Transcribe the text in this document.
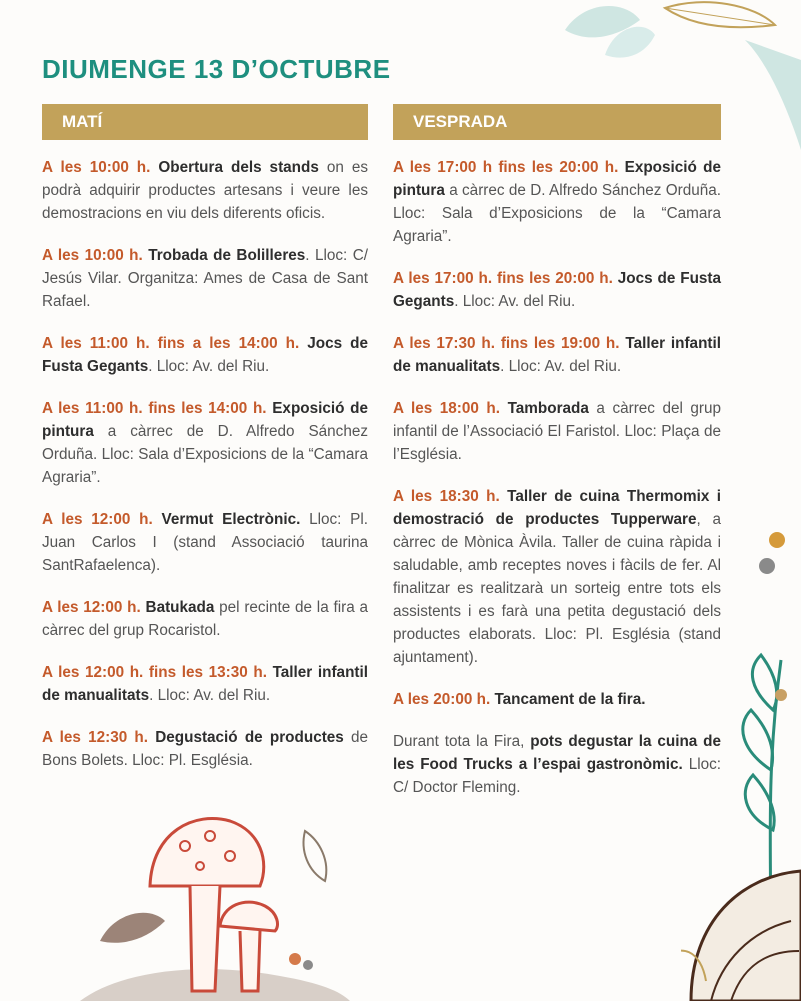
DIUMENGE 13 D’OCTUBRE
MATÍ
A les 10:00 h. Obertura dels stands on es podrà adquirir productes artesans i veure les demostracions en viu dels diferents oficis.
A les 10:00 h. Trobada de Bolilleres. Lloc: C/ Jesús Vilar. Organitza: Ames de Casa de Sant Rafael.
A les 11:00 h. fins a les 14:00 h. Jocs de Fusta Gegants. Lloc: Av. del Riu.
A les 11:00 h. fins les 14:00 h. Exposició de pintura a càrrec de D. Alfredo Sánchez Orduña. Lloc: Sala d’Exposicions de la “Camara Agraria”.
A les 12:00 h. Vermut Electrònic. Lloc: Pl. Juan Carlos I (stand Associació taurina SantRafaelenca).
A les 12:00 h. Batukada pel recinte de la fira a càrrec del grup Rocaristol.
A les 12:00 h. fins les 13:30 h. Taller infantil de manualitats. Lloc: Av. del Riu.
A les 12:30 h. Degustació de productes de Bons Bolets. Lloc: Pl. Església.
VESPRADA
A les 17:00 h fins les 20:00 h. Exposició de pintura a càrrec de D. Alfredo Sánchez Orduña. Lloc: Sala d’Exposicions de la “Camara Agraria”.
A les 17:00 h. fins les 20:00 h. Jocs de Fusta Gegants. Lloc: Av. del Riu.
A les 17:30 h. fins les 19:00 h. Taller infantil de manualitats. Lloc: Av. del Riu.
A les 18:00 h. Tamborada a càrrec del grup infantil de l’Associació El Faristol. Lloc: Plaça de l’Església.
A les 18:30 h. Taller de cuina Thermomix i demostració de productes Tupperware, a càrrec de Mònica Àvila. Taller de cuina ràpida i saludable, amb receptes noves i fàcils de fer. Al finalitzar es realitzarà un sorteig entre tots els assistents i es farà una petita degustació dels productes elaborats. Lloc: Pl. Església (stand ajuntament).
A les 20:00 h. Tancament de la fira.
Durant tota la Fira, pots degustar la cuina de les Food Trucks a l’espai gastronòmic. Lloc: C/ Doctor Fleming.
